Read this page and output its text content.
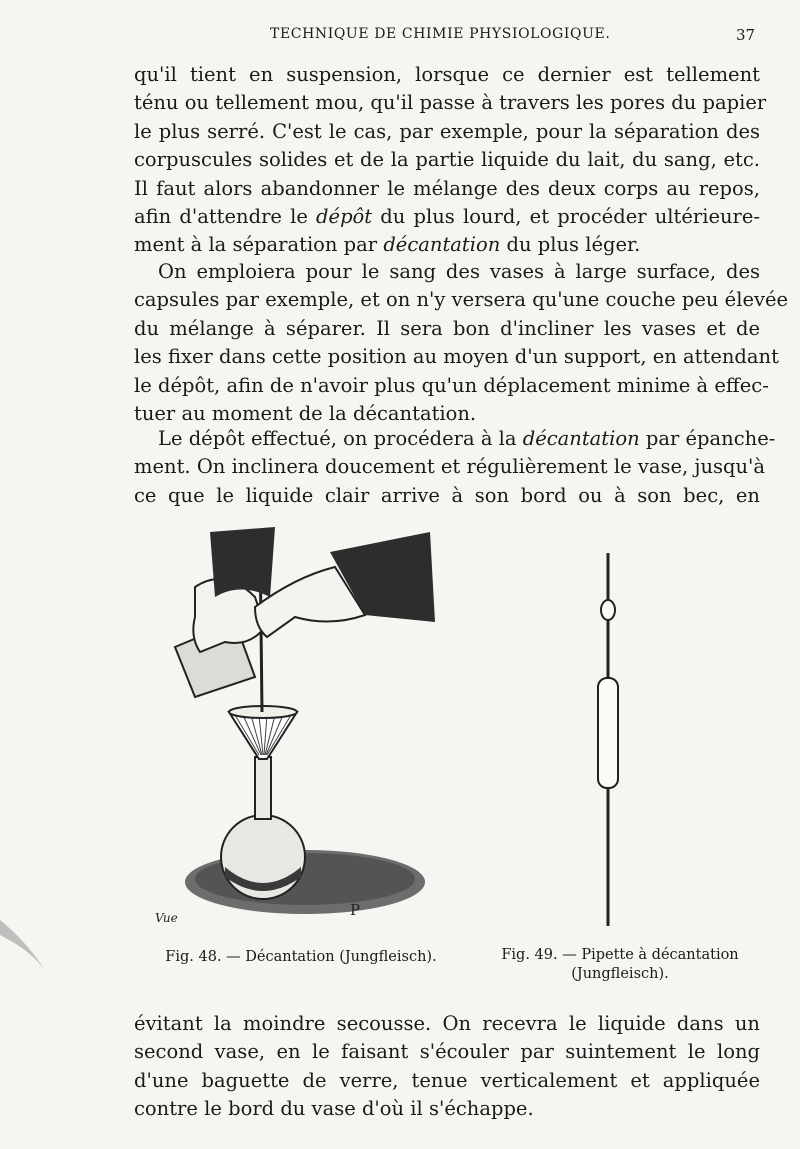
TECHNIQUE DE CHIMIE PHYSIOLOGIQUE.	37
qu'il tient en suspension, lorsque ce dernier est tellement
ténu ou tellement mou, qu'il passe à travers les pores du papier
le plus serré. C'est le cas, par exemple, pour la séparation des
corpuscules solides et de la partie liquide du lait, du sang, etc.
Il faut alors abandonner le mélange des deux corps au repos,
afin d'attendre le dépôt du plus lourd, et procéder ultérieure-
ment à la séparation par décantation du plus léger.
On emploiera pour le sang des vases à large surface, des
capsules par exemple, et on n'y versera qu'une couche peu élevée
du mélange à séparer. Il sera bon d'incliner les vases et de
les fixer dans cette position au moyen d'un support, en attendant
le dépôt, afin de n'avoir plus qu'un déplacement minime à effec-
tuer au moment de la décantation.
Le dépôt effectué, on procédera à la décantation par épanche-
ment. On inclinera doucement et régulièrement le vase, jusqu'à
ce que le liquide clair arrive à son bord ou à son bec, en
Vue	P
Fig. 48. — Décantation (Jungfleisch).	Fig. 49. — Pipette à décantation
(Jungfleisch).
évitant la moindre secousse. On recevra le liquide dans un
second vase, en le faisant s'écouler par suintement le long
d'une baguette de verre, tenue verticalement et appliquée
contre le bord du vase d'où il s'échappe.
